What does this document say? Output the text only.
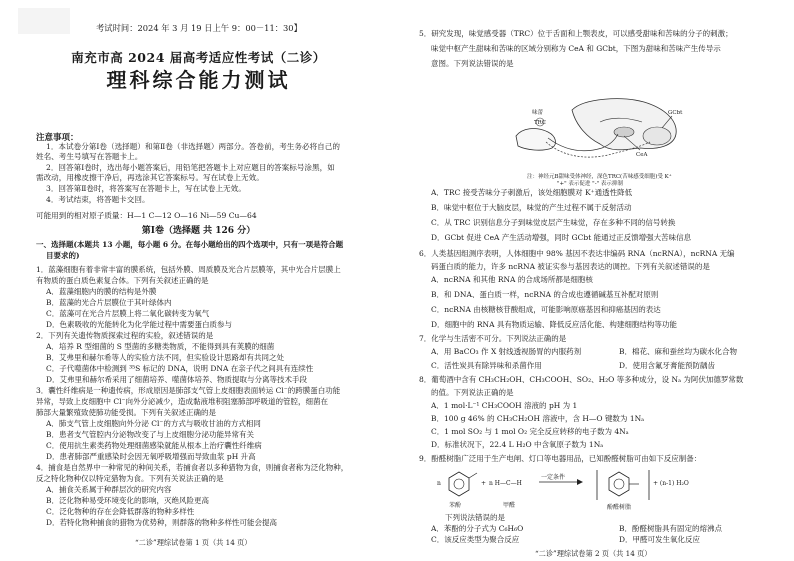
考试时间：2024 年 3 月 19 日上午 9：00－11：30】
南充市高 2024 届高考适应性考试（二诊）
理科综合能力测试
注意事项：
1．本试卷分第Ⅰ卷（选择题）和第Ⅱ卷（非选择题）两部分。答卷前，考生务必将自己的
姓名、考生号填写在答题卡上。
2．回答第Ⅰ卷时，选出每小题答案后，用铅笔把答题卡上对应题目的答案标号涂黑，如
需改动，用橡皮擦干净后，再选涂其它答案标号。写在试卷上无效。
3．回答第Ⅱ卷时，将答案写在答题卡上，写在试卷上无效。
4．考试结束，将答题卡交回。
可能用到的相对原子质量：H—1 C—12 O—16 Ni—59 Cu—64
第Ⅰ卷（选择题 共 126 分）
一、选择题(本题共 13 小题，每小题 6 分。在每小题给出的四个选项中，只有一项是符合题
目要求的)
1．蓝藻细胞有着非常丰富的膜系统，包括外膜、周质膜及光合片层膜等，其中光合片层膜上
有物质的蛋白质色素复合体。下列有关叙述正确的是
A．蓝藻细胞内的膜的结构是外膜
B．蓝藻的光合片层膜位于其叶绿体内
C．蓝藻可在光合片层膜上将二氧化碳转变为氧气
D．色素吸收的光能转化为化学能过程中需要蛋白质参与
2．下列有关遗传物质探索过程的实验，叙述错误的是
A．培养 R 型细菌的 S 型菌的多糖类物质，不能得到具有荚膜的细菌
B．艾弗里和赫尔希等人的实验方法不同，但实验设计思路却有共同之处
C．子代噬菌体中检测到 ³⁵S 标记的 DNA，说明 DNA 在亲子代之间具有连续性
D．艾弗里和赫尔希采用了细菌培养、噬菌体培养、物质提取与分离等技术手段
3．囊性纤维病是一种遗传病，形成原因是肺部支气管上皮细胞表面转运 Cl⁻的跨膜蛋白功能
异常，导致上皮细胞中 Cl⁻向外分泌减少，造成黏液堆积阻塞肺部呼吸道的管腔，细菌在
肺部大量繁殖致使肺功能受损。下列有关叙述正确的是
A．肺支气管上皮细胞向外分泌 Cl⁻的方式与吸收甘油的方式相同
B．患者支气管腔内分泌物改变了与上皮细胞分泌功能异常有关
C．使用抗生素类药物处理细菌感染就能从根本上治疗囊性纤维病
D．患者肺部严重感染时会因无氧呼吸增强而导致血浆 pH 升高
4．捕食是自然界中一种常见的种间关系，若捕食者以多种猎物为食，则捕食者称为泛化物种，
反之特化物种仅以特定猎物为食。下列有关说法正确的是
A．捕食关系属于种群层次的研究内容
B．泛化物种易受环境变化的影响，灭绝风险更高
C．泛化物种的存在会降低群落的物种多样性
D．若特化物种捕食的猎物为优势种，则群落的物种多样性可能会提高
“二诊”理综试卷第 1 页（共 14 页）
5．研究发现，味觉感受器（TRC）位于舌面和上颚表皮，可以感受甜味和苦味的分子的刺激；
味觉中枢产生甜味和苦味的区域分别称为 CeA 和 GCbt，下图为甜味和苦味产生传导示
意图。下列说法错误的是
味蕾
TRC
GCbt
CeA
注：神经元B甜味受体神经，深色TRC(苦味感受细胞)受 K⁺
"+" 表示促进 "-" 表示抑制
A．TRC 接受苦味分子刺激后，该处细胞膜对 K⁺通透性降低
B．味觉中枢位于大脑皮层，味觉的产生过程不属于反射活动
C．从 TRC 识别信息分子到味觉皮层产生味觉，存在多种不同的信号转换
D．GCbt 促进 CeA 产生活动增强，同时 GCbt 能通过正反馈增强大苦味信息
6．人类基因组测序表明，人体细胞中 98% 基因不表达非编码 RNA（ncRNA），ncRNA 无编
码蛋白质的能力，许多 ncRNA 被证实参与基因表达的调控。下列有关叙述错误的是
A．ncRNA 和其他 RNA 的合成场所都是细胞核
B．和 DNA、蛋白质一样，ncRNA 的合成也遵循碱基互补配对原则
C．ncRNA 由核糖核苷酸组成，可能影响原癌基因和抑癌基因的表达
D．细胞中的 RNA 具有物质运输、降低反应活化能、构建细胞结构等功能
7．化学与生活密不可分。下列说法正确的是
A．用 BaCO₃ 作 X 射线透视肠胃的内服药剂	B．棉花、麻和蚕丝均为碳水化合物
C．活性炭具有除异味和杀菌作用	D．使用含氟牙膏能预防龋齿
8．葡萄酒中含有 CH₃CH₂OH、CH₃COOH、SO₂、H₂O 等多种成分，设 Nₐ 为阿伏加德罗常数
的值。下列说法正确的是
A．1 mol·L⁻¹ CH₃COOH 溶液的 pH 为 1
B．100 g 46% 的 CH₃CH₂OH 溶液中，含 H—O 键数为 1Nₐ
C．1 mol SO₂ 与 1 mol O₂ 完全反应转移的电子数为 4Nₐ
D．标准状况下，22.4 L H₂O 中含氧原子数为 1Nₐ
9．酚醛树脂广泛用于生产电闸、灯口等电器用品，已知酚醛树脂可由如下反应制备：
n
苯酚
+ n H—C—H
甲醛
一定条件
+ (n-1) H₂O
酚醛树脂
下列说法错误的是
A．苯酚的分子式为 C₆H₆O	B．酚醛树脂具有固定的熔沸点
C．该反应类型为聚合反应	D．甲醛可发生氧化反应
“二诊”理综试卷第 2 页（共 14 页）
